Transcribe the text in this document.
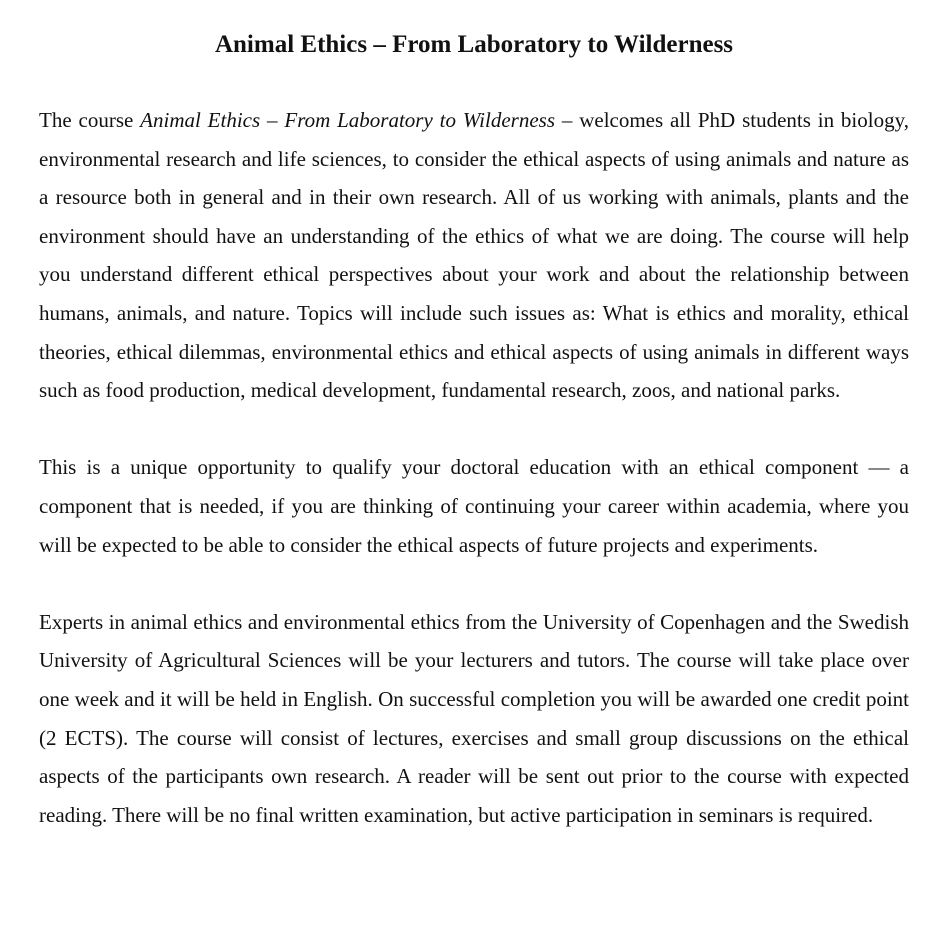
Animal Ethics – From Laboratory to Wilderness

The course Animal Ethics – From Laboratory to Wilderness – welcomes all PhD students in biology, environmental research and life sciences, to consider the ethical aspects of using animals and nature as a resource both in general and in their own research. All of us working with animals, plants and the environment should have an understanding of the ethics of what we are doing. The course will help you understand different ethical perspectives about your work and about the relationship between humans, animals, and nature. Topics will include such issues as: What is ethics and morality, ethical theories, ethical dilemmas, environmental ethics and ethical aspects of using animals in different ways such as food production, medical development, fundamental research, zoos, and national parks.

This is a unique opportunity to qualify your doctoral education with an ethical component — a component that is needed, if you are thinking of continuing your career within academia, where you will be expected to be able to consider the ethical aspects of future projects and experiments.

Experts in animal ethics and environmental ethics from the University of Copenhagen and the Swedish University of Agricultural Sciences will be your lecturers and tutors. The course will take place over one week and it will be held in English. On successful completion you will be awarded one credit point (2 ECTS). The course will consist of lectures, exercises and small group discussions on the ethical aspects of the participants own research. A reader will be sent out prior to the course with expected reading. There will be no final written examination, but active participation in seminars is required.
